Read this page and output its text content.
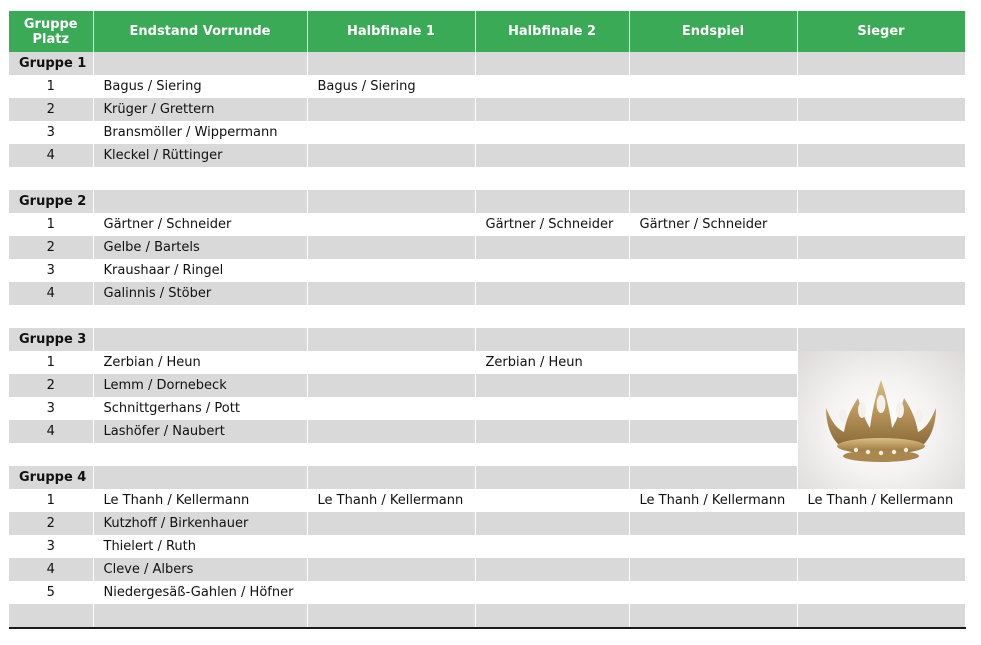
Gruppe
Platz	Endstand Vorrunde	Halbfinale 1	Halbfinale 2	Endspiel	Sieger	
Gruppe 1						
1	Bagus / Siering	Bagus / Siering				
2	Krüger / Grettern					
3	Bransmöller / Wippermann					
4	Kleckel / Rüttinger					

Gruppe 2						
1	Gärtner / Schneider		Gärtner / Schneider	Gärtner / Schneider		
2	Gelbe / Bartels					
3	Kraushaar / Ringel					
4	Galinnis / Stöber					

Gruppe 3						
1	Zerbian / Heun		Zerbian / Heun		

2	Lemm / Dornebeck					
3	Schnittgerhans / Pott					
4	Lashöfer / Naubert					

Gruppe 4						
1	Le Thanh / Kellermann	Le Thanh / Kellermann		Le Thanh / Kellermann	Le Thanh / Kellermann	
2	Kutzhoff / Birkenhauer					
3	Thielert / Ruth					
4	Cleve / Albers					
5	Niedergesäß-Gahlen / Höfner					
